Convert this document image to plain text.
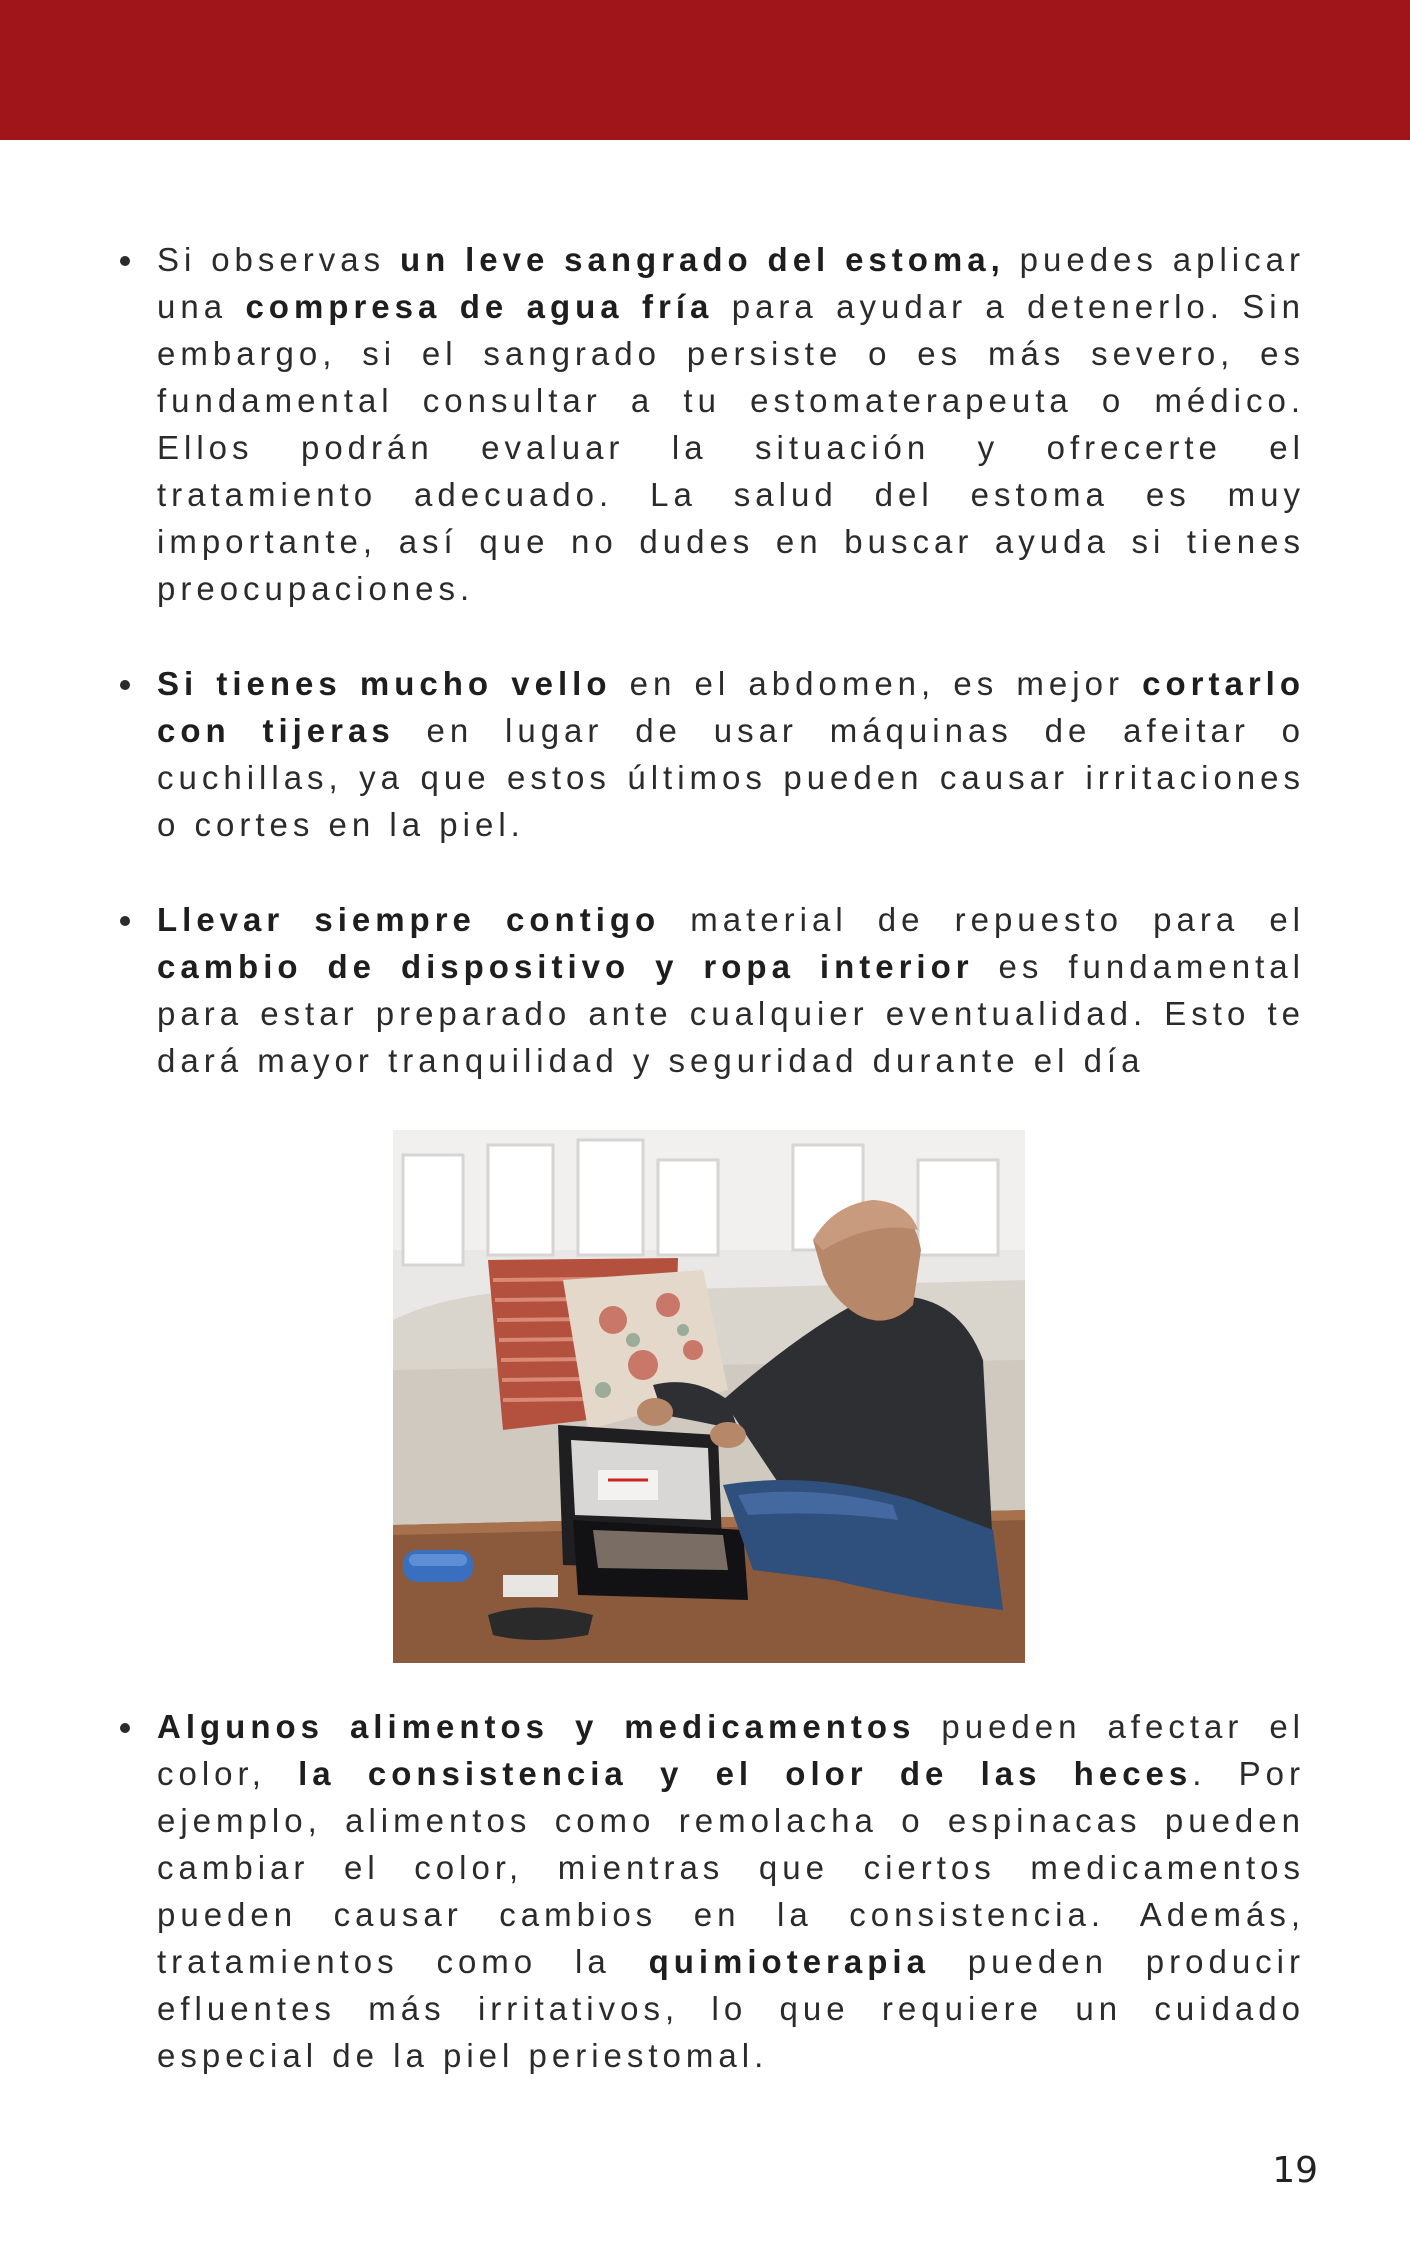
Si observas un leve sangrado del estoma, puedes aplicar una compresa de agua fría para ayudar a detenerlo. Sin embargo, si el sangrado persiste o es más severo, es fundamental consultar a tu estomaterapeuta o médico. Ellos podrán evaluar la situación y ofrecerte el tratamiento adecuado. La salud del estoma es muy importante, así que no dudes en buscar ayuda si tienes preocupaciones.
Si tienes mucho vello en el abdomen, es mejor cortarlo con tijeras en lugar de usar máquinas de afeitar o cuchillas, ya que estos últimos pueden causar irritaciones o cortes en la piel.
Llevar siempre contigo material de repuesto para el cambio de dispositivo y ropa interior es fundamental para estar preparado ante cualquier eventualidad. Esto te dará mayor tranquilidad y seguridad durante el día
Algunos alimentos y medicamentos pueden afectar el color, la consistencia y el olor de las heces. Por ejemplo, alimentos como remolacha o espinacas pueden cambiar el color, mientras que ciertos medicamentos pueden causar cambios en la consistencia. Además, tratamientos como la quimioterapia pueden producir efluentes más irritativos, lo que requiere un cuidado especial de la piel periestomal.
19
